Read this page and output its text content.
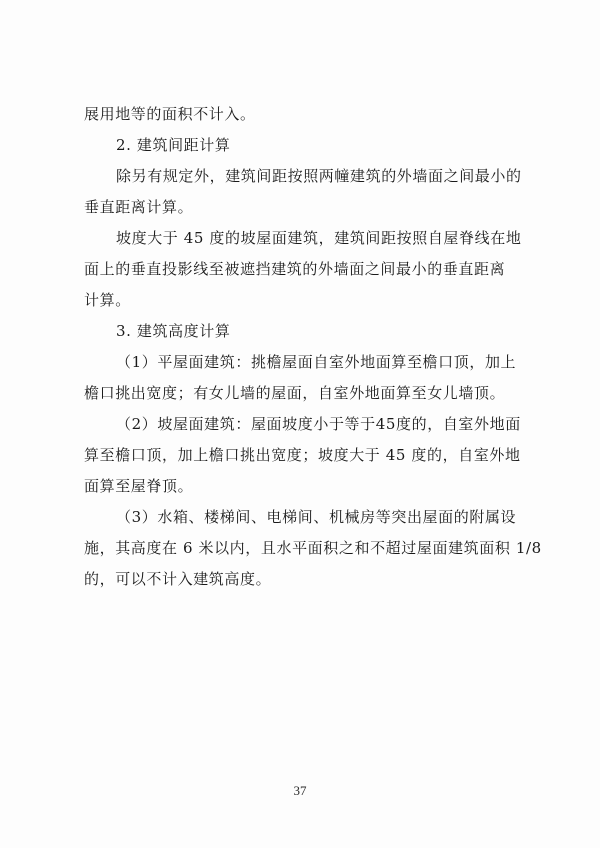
展用地等的面积不计入。
2. 建筑间距计算
除另有规定外，建筑间距按照两幢建筑的外墙面之间最小的
垂直距离计算。
坡度大于 45 度的坡屋面建筑，建筑间距按照自屋脊线在地
面上的垂直投影线至被遮挡建筑的外墙面之间最小的垂直距离
计算。
3. 建筑高度计算
（1）平屋面建筑：挑檐屋面自室外地面算至檐口顶，加上
檐口挑出宽度；有女儿墙的屋面，自室外地面算至女儿墙顶。
（2）坡屋面建筑：屋面坡度小于等于45度的，自室外地面
算至檐口顶，加上檐口挑出宽度；坡度大于 45 度的，自室外地
面算至屋脊顶。
（3）水箱、楼梯间、电梯间、机械房等突出屋面的附属设
施，其高度在 6 米以内，且水平面积之和不超过屋面建筑面积 1/8
的，可以不计入建筑高度。
37
